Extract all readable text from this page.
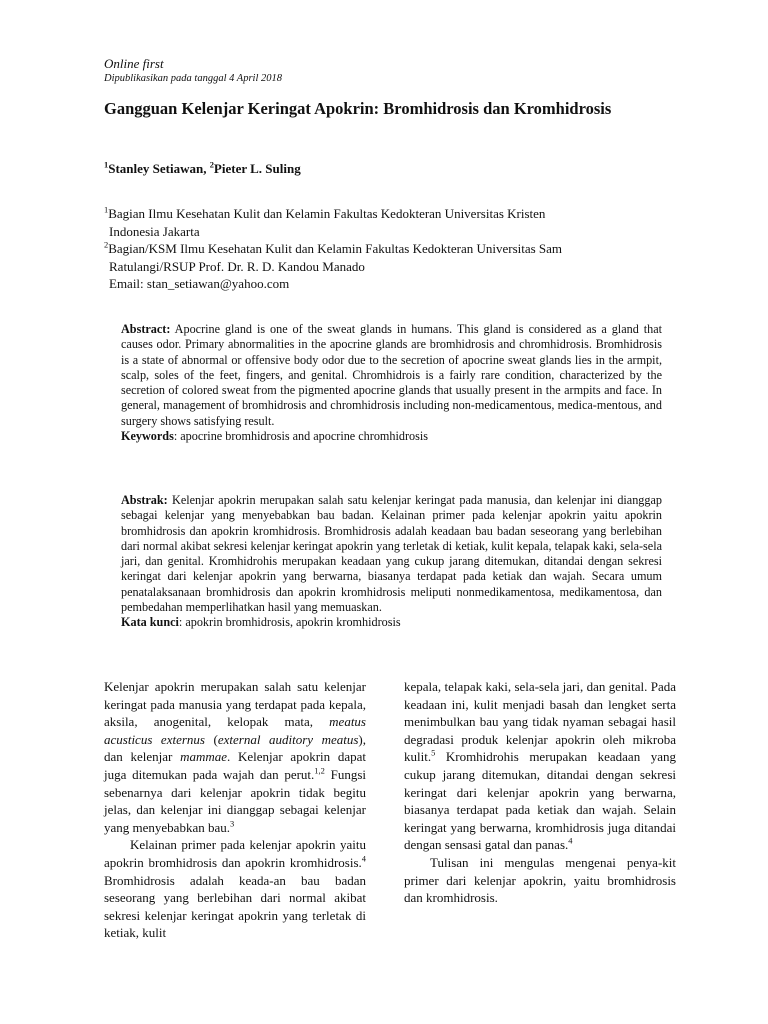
Online first
Dipublikasikan pada tanggal 4 April 2018
Gangguan Kelenjar Keringat Apokrin: Bromhidrosis dan Kromhidrosis
$^1$Stanley Setiawan, $^2$Pieter L. Suling
$^1$Bagian Ilmu Kesehatan Kulit dan Kelamin Fakultas Kedokteran Universitas Kristen
Indonesia Jakarta
$^2$Bagian/KSM Ilmu Kesehatan Kulit dan Kelamin Fakultas Kedokteran Universitas Sam
Ratulangi/RSUP Prof. Dr. R. D. Kandou Manado
Email: stan_setiawan@yahoo.com
Abstract: Apocrine gland is one of the sweat glands in humans. This gland is considered as a gland that causes odor. Primary abnormalities in the apocrine glands are bromhidrosis and chromhidrosis. Bromhidrosis is a state of abnormal or offensive body odor due to the secretion of apocrine sweat glands lies in the armpit, scalp, soles of the feet, fingers, and genital. Chromhidrois is a fairly rare condition, characterized by the secretion of colored sweat from the pigmented apocrine glands that usually present in the armpits and face. In general, management of bromhidrosis and chromhidrosis including non-medicamentous, medica-mentous, and surgery shows satisfying result.
Keywords: apocrine bromhidrosis and apocrine chromhidrosis
Abstrak: Kelenjar apokrin merupakan salah satu kelenjar keringat pada manusia, dan kelenjar ini dianggap sebagai kelenjar yang menyebabkan bau badan. Kelainan primer pada kelenjar apokrin yaitu apokrin bromhidrosis dan apokrin kromhidrosis. Bromhidrosis adalah keadaan bau badan seseorang yang berlebihan dari normal akibat sekresi kelenjar keringat apokrin yang terletak di ketiak, kulit kepala, telapak kaki, sela-sela jari, dan genital. Kromhidrohis merupakan keadaan yang cukup jarang ditemukan, ditandai dengan sekresi keringat dari kelenjar apokrin yang berwarna, biasanya terdapat pada ketiak dan wajah. Secara umum penatalaksanaan bromhidrosis dan apokrin kromhidrosis meliputi nonmedikamentosa, medikamentosa, dan pembedahan memperlihatkan hasil yang memuaskan.
Kata kunci: apokrin bromhidrosis, apokrin kromhidrosis

Kelenjar apokrin merupakan salah satu kelenjar keringat pada manusia yang terdapat pada kepala, aksila, anogenital, kelopak mata, meatus acusticus externus (external auditory meatus), dan kelenjar mammae. Kelenjar apokrin dapat juga ditemukan pada wajah dan perut.$^{1,2}$ Fungsi sebenarnya dari kelenjar apokrin tidak begitu jelas, dan kelenjar ini dianggap sebagai kelenjar yang menyebabkan bau.$^3$

Kelainan primer pada kelenjar apokrin yaitu apokrin bromhidrosis dan apokrin kromhidrosis.$^4$ Bromhidrosis adalah keada-an bau badan seseorang yang berlebihan dari normal akibat sekresi kelenjar keringat apokrin yang terletak di ketiak, kulit

kepala, telapak kaki, sela-sela jari, dan genital. Pada keadaan ini, kulit menjadi basah dan lengket serta menimbulkan bau yang tidak nyaman sebagai hasil degradasi produk kelenjar apokrin oleh mikroba kulit.$^5$ Kromhidrohis merupakan keadaan yang cukup jarang ditemukan, ditandai dengan sekresi keringat dari kelenjar apokrin yang berwarna, biasanya terdapat pada ketiak dan wajah. Selain keringat yang berwarna, kromhidrosis juga ditandai dengan sensasi gatal dan panas.$^4$

Tulisan ini mengulas mengenai penya-kit primer dari kelenjar apokrin, yaitu bromhidrosis dan kromhidrosis.
